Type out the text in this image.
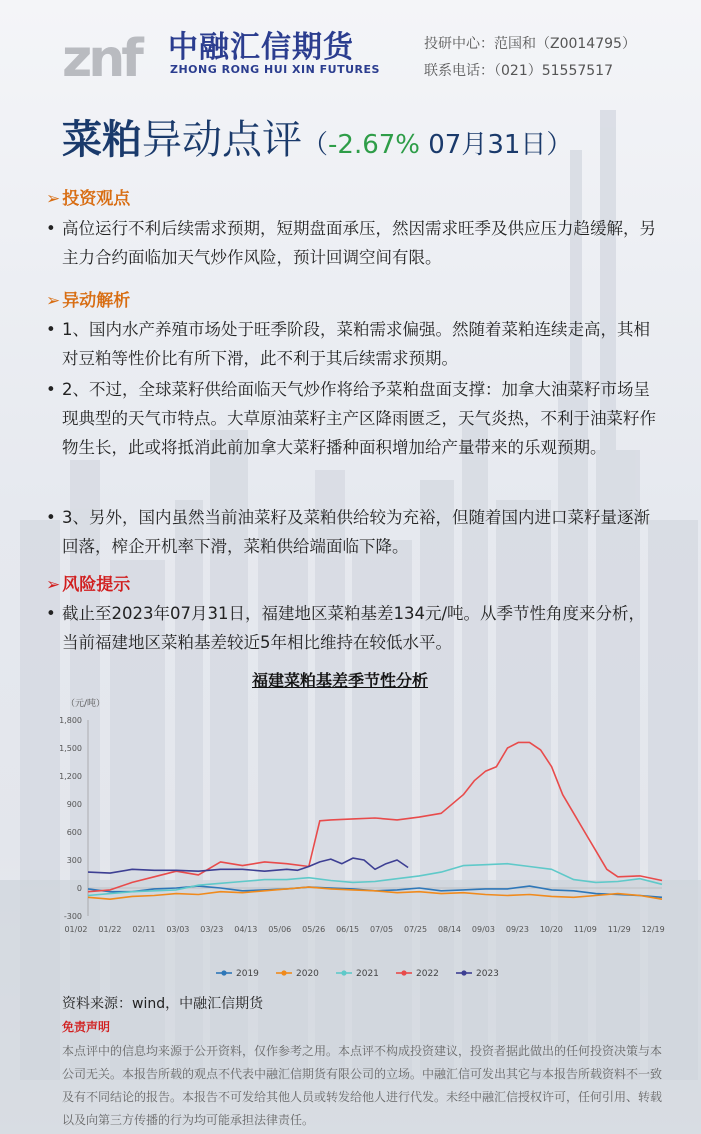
znf 中融汇信期货
ZHONG RONG HUI XIN FUTURES
投研中心：范国和（Z0014795）
联系电话：（021）51557517
菜粕异动点评（-2.67% 07月31日）
➢ 投资观点
• 高位运行不利后续需求预期，短期盘面承压，然因需求旺季及供应压力趋缓解，另主力合约面临加天气炒作风险，预计回调空间有限。
➢ 异动解析
• 1、国内水产养殖市场处于旺季阶段，菜粕需求偏强。然随着菜粕连续走高，其相对豆粕等性价比有所下滑，此不利于其后续需求预期。
• 2、不过，全球菜籽供给面临天气炒作将给予菜粕盘面支撑：加拿大油菜籽市场呈现典型的天气市特点。大草原油菜籽主产区降雨匮乏，天气炎热，不利于油菜籽作物生长，此或将抵消此前加拿大菜籽播种面积增加给产量带来的乐观预期。
• 3、另外，国内虽然当前油菜籽及菜粕供给较为充裕，但随着国内进口菜籽量逐渐回落，榨企开机率下滑，菜粕供给端面临下降。
➢ 风险提示
• 截止至2023年07月31日，福建地区菜粕基差134元/吨。从季节性角度来分析，当前福建地区菜粕基差较近5年相比维持在较低水平。
福建菜粕基差季节性分析
（元/吨）
-300
0
300
600
900
1,200
1,500
1,800
01/02 01/22 02/11 03/03 03/23 04/13 05/06 05/26 06/15 07/05 07/25 08/14 09/03 09/23 10/20 11/09 11/29 12/19
2019	2020	2021	2022	2023
资料来源：wind，中融汇信期货
免责声明
本点评中的信息均来源于公开资料，仅作参考之用。本点评不构成投资建议，投资者据此做出的任何投资决策与本公司无关。本报告所载的观点不代表中融汇信期货有限公司的立场。中融汇信可发出其它与本报告所载资料不一致及有不同结论的报告。本报告不可发给其他人员或转发给他人进行代发。未经中融汇信授权许可，任何引用、转载以及向第三方传播的行为均可能承担法律责任。
